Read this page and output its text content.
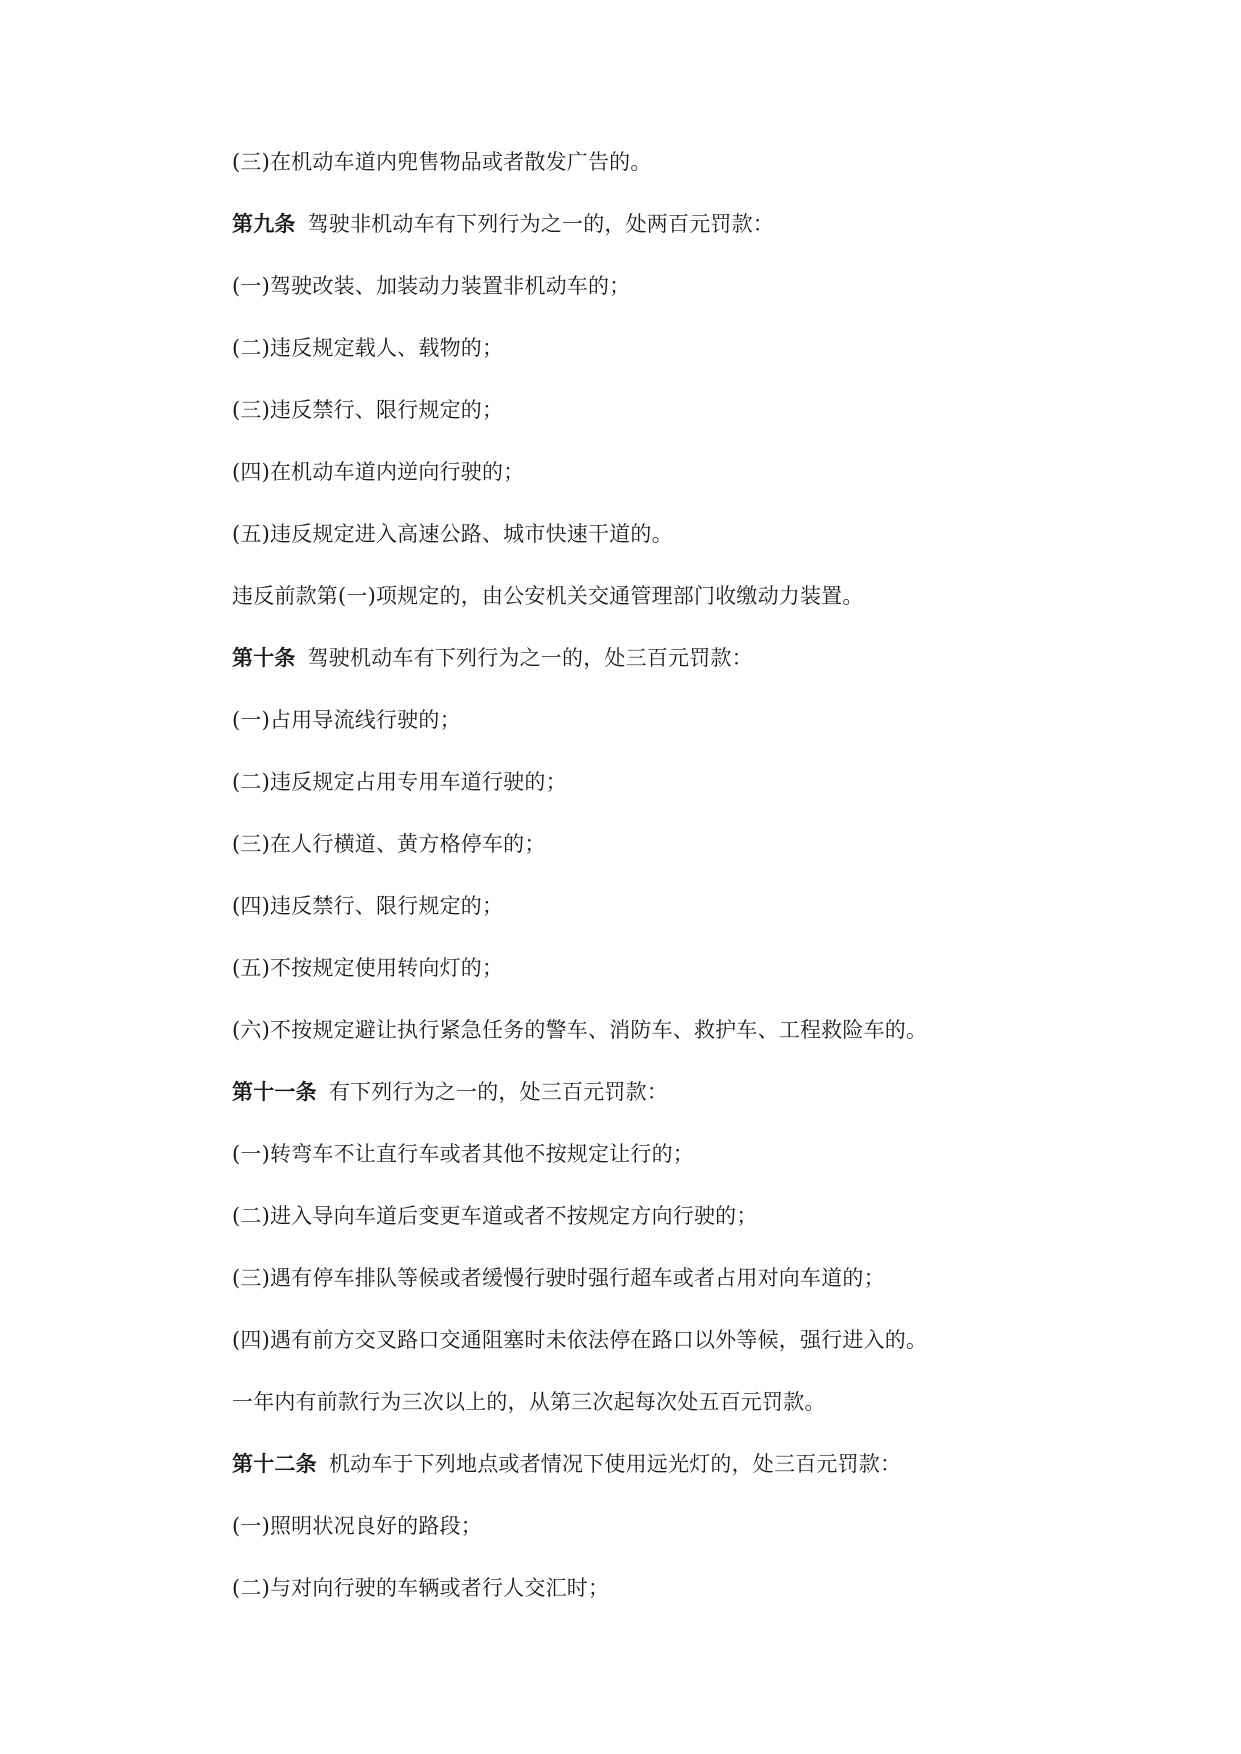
(三)在机动车道内兜售物品或者散发广告的。
第九条 驾驶非机动车有下列行为之一的，处两百元罚款：
(一)驾驶改装、加装动力装置非机动车的；
(二)违反规定载人、载物的；
(三)违反禁行、限行规定的；
(四)在机动车道内逆向行驶的；
(五)违反规定进入高速公路、城市快速干道的。
违反前款第(一)项规定的，由公安机关交通管理部门收缴动力装置。
第十条 驾驶机动车有下列行为之一的，处三百元罚款：
(一)占用导流线行驶的；
(二)违反规定占用专用车道行驶的；
(三)在人行横道、黄方格停车的；
(四)违反禁行、限行规定的；
(五)不按规定使用转向灯的；
(六)不按规定避让执行紧急任务的警车、消防车、救护车、工程救险车的。
第十一条 有下列行为之一的，处三百元罚款：
(一)转弯车不让直行车或者其他不按规定让行的；
(二)进入导向车道后变更车道或者不按规定方向行驶的；
(三)遇有停车排队等候或者缓慢行驶时强行超车或者占用对向车道的；
(四)遇有前方交叉路口交通阻塞时未依法停在路口以外等候，强行进入的。
一年内有前款行为三次以上的，从第三次起每次处五百元罚款。
第十二条 机动车于下列地点或者情况下使用远光灯的，处三百元罚款：
(一)照明状况良好的路段；
(二)与对向行驶的车辆或者行人交汇时；
